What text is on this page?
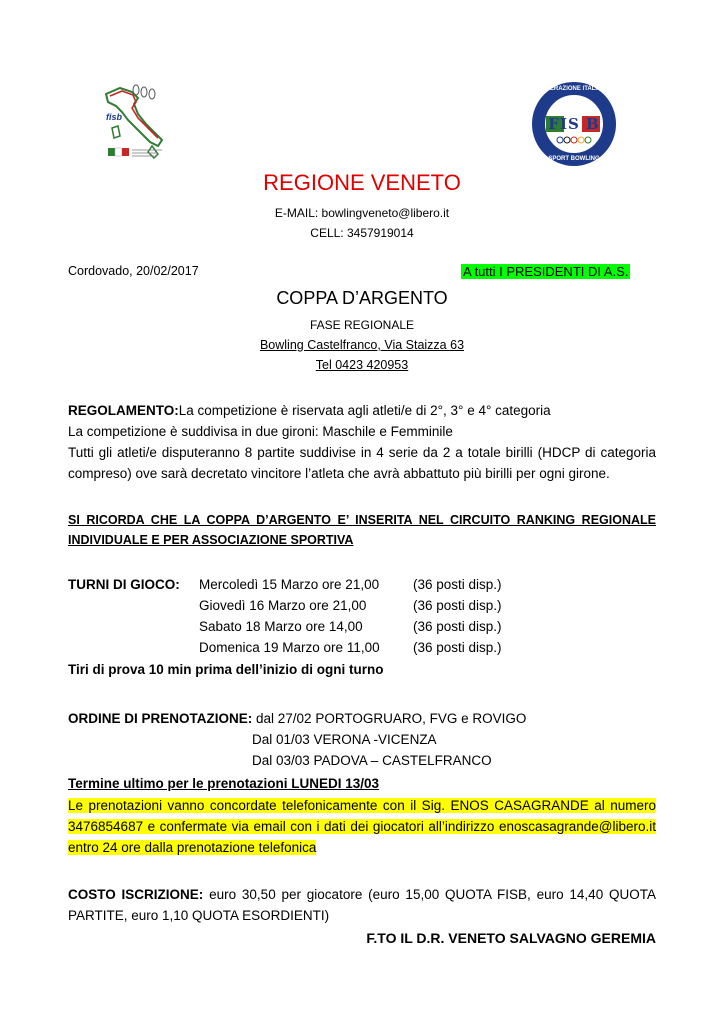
fisb	FIS B
FEDERAZIONE ITALIANA
SPORT BOWLING
REGIONE VENETO
E-MAIL: bowlingveneto@libero.it
CELL: 3457919014
Cordovado, 20/02/2017	A tutti I PRESIDENTI DI A.S.
COPPA D’ARGENTO
FASE REGIONALE
Bowling Castelfranco, Via Staizza 63
Tel 0423 420953
REGOLAMENTO:La competizione è riservata agli atleti/e di 2°, 3° e 4° categoria
La competizione è suddivisa in due gironi: Maschile e Femminile
Tutti gli atleti/e disputeranno 8 partite suddivise in 4 serie da 2 a totale birilli (HDCP di categoria compreso) ove sarà decretato vincitore l’atleta che avrà abbattuto più birilli per ogni girone.
SI RICORDA CHE LA COPPA D’ARGENTO E’ INSERITA NEL CIRCUITO RANKING REGIONALE
INDIVIDUALE E PER ASSOCIAZIONE SPORTIVA
TURNI DI GIOCO: Mercoledì 15 Marzo ore 21,00	(36 posti disp.)
Giovedì 16 Marzo ore 21,00	(36 posti disp.)
Sabato 18 Marzo ore 14,00	(36 posti disp.)
Domenica 19 Marzo ore 11,00 (36 posti disp.)
Tiri di prova 10 min prima dell’inizio di ogni turno
ORDINE DI PRENOTAZIONE: dal 27/02 PORTOGRUARO, FVG e ROVIGO
Dal 01/03 VERONA -VICENZA
Dal 03/03 PADOVA – CASTELFRANCO
Termine ultimo per le prenotazioni LUNEDI 13/03
Le prenotazioni vanno concordate telefonicamente con il Sig. ENOS CASAGRANDE al numero 3476854687 e confermate via email con i dati dei giocatori all’indirizzo enoscasagrande@libero.it entro 24 ore dalla prenotazione telefonica
COSTO ISCRIZIONE: euro 30,50 per giocatore (euro 15,00 QUOTA FISB, euro 14,40 QUOTA PARTITE, euro 1,10 QUOTA ESORDIENTI)
F.TO IL D.R. VENETO SALVAGNO GEREMIA
